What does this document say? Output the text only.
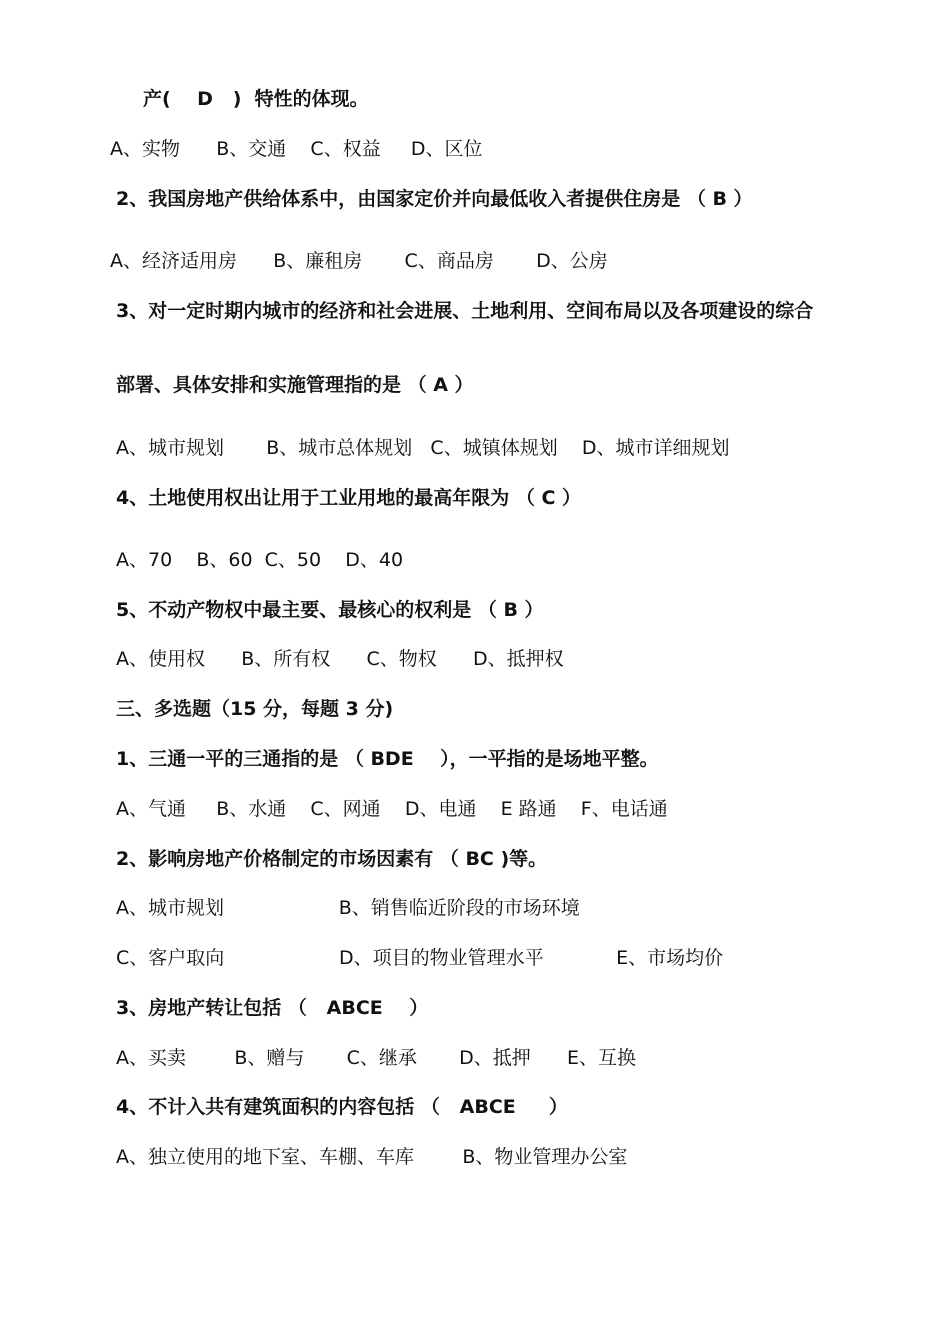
产(    D   )  特性的体现。
A、实物      B、交通    C、权益     D、区位
2、我国房地产供给体系中，由国家定价并向最低收入者提供住房是 （ B ）
A、经济适用房      B、廉租房       C、商品房       D、公房
3、对一定时期内城市的经济和社会进展、土地利用、空间布局以及各项建设的综合
部署、具体安排和实施管理指的是 （ A ）
A、城市规划       B、城市总体规划   C、城镇体规划    D、城市详细规划
4、土地使用权出让用于工业用地的最高年限为 （ C ）
A、70    B、60  C、50    D、40
5、不动产物权中最主要、最核心的权利是 （ B ）
A、使用权      B、所有权      C、物权      D、抵押权
三、多选题（15 分，每题 3 分)
1、三通一平的三通指的是 （ BDE    ），一平指的是场地平整。
A、气通     B、水通    C、网通    D、电通    E 路通    F、电话通
2、影响房地产价格制定的市场因素有 （ BC )等。
A、城市规划                   B、销售临近阶段的市场环境
C、客户取向                   D、项目的物业管理水平            E、市场均价
3、房地产转让包括 （   ABCE    ）
A、买卖        B、赠与       C、继承       D、抵押      E、互换
4、不计入共有建筑面积的内容包括 （   ABCE     ）
A、独立使用的地下室、车棚、车库        B、物业管理办公室
